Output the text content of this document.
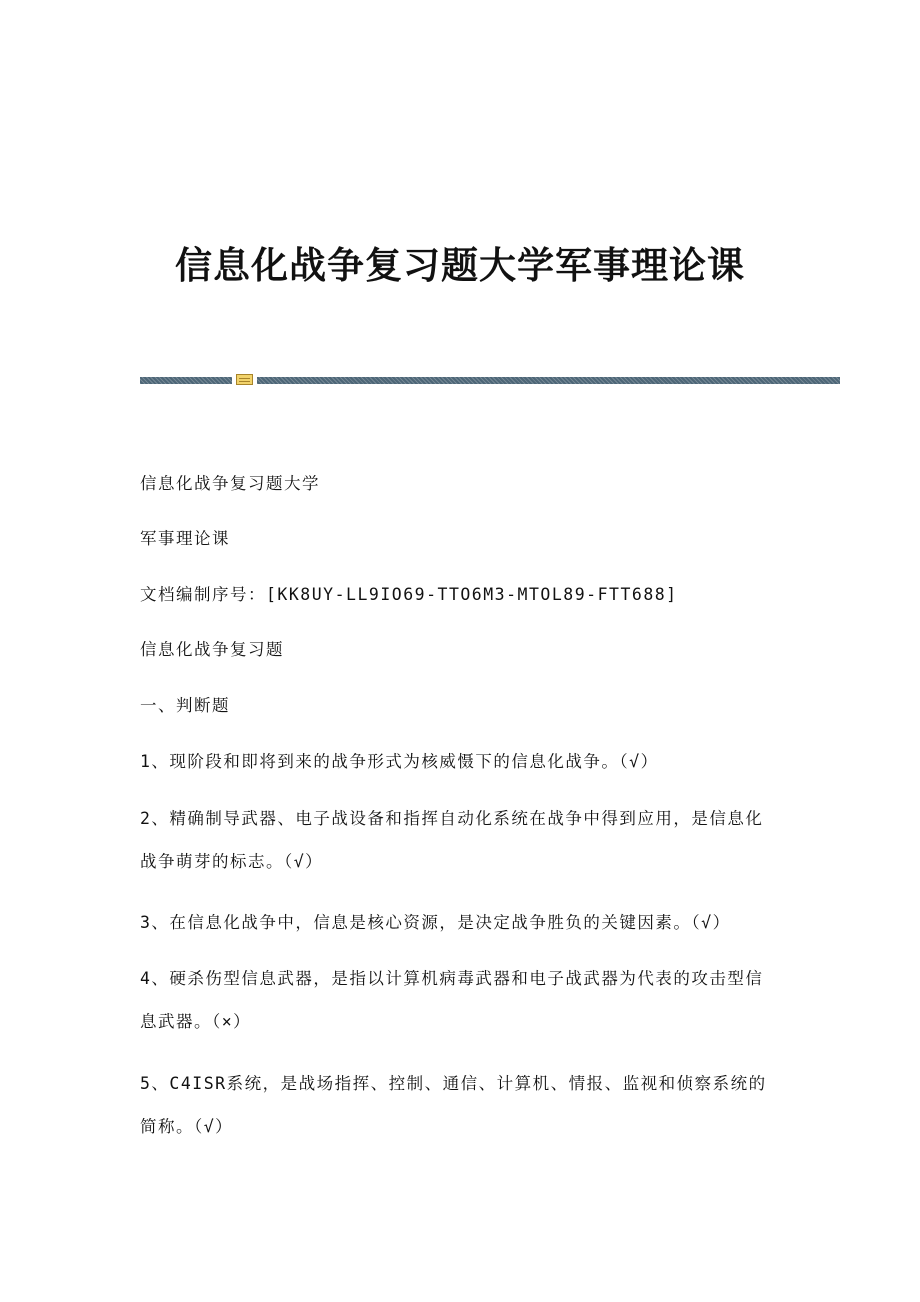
信息化战争复习题大学军事理论课
信息化战争复习题大学
军事理论课
文档编制序号：[KK8UY-LL9IO69-TTO6M3-MTOL89-FTT688]
信息化战争复习题
一、判断题
1、现阶段和即将到来的战争形式为核威慑下的信息化战争。（√）
2、精确制导武器、电子战设备和指挥自动化系统在战争中得到应用，是信息化
战争萌芽的标志。（√）
3、在信息化战争中，信息是核心资源，是决定战争胜负的关键因素。（√）
4、硬杀伤型信息武器，是指以计算机病毒武器和电子战武器为代表的攻击型信
息武器。（×）
5、C4ISR系统，是战场指挥、控制、通信、计算机、情报、监视和侦察系统的
简称。（√）
